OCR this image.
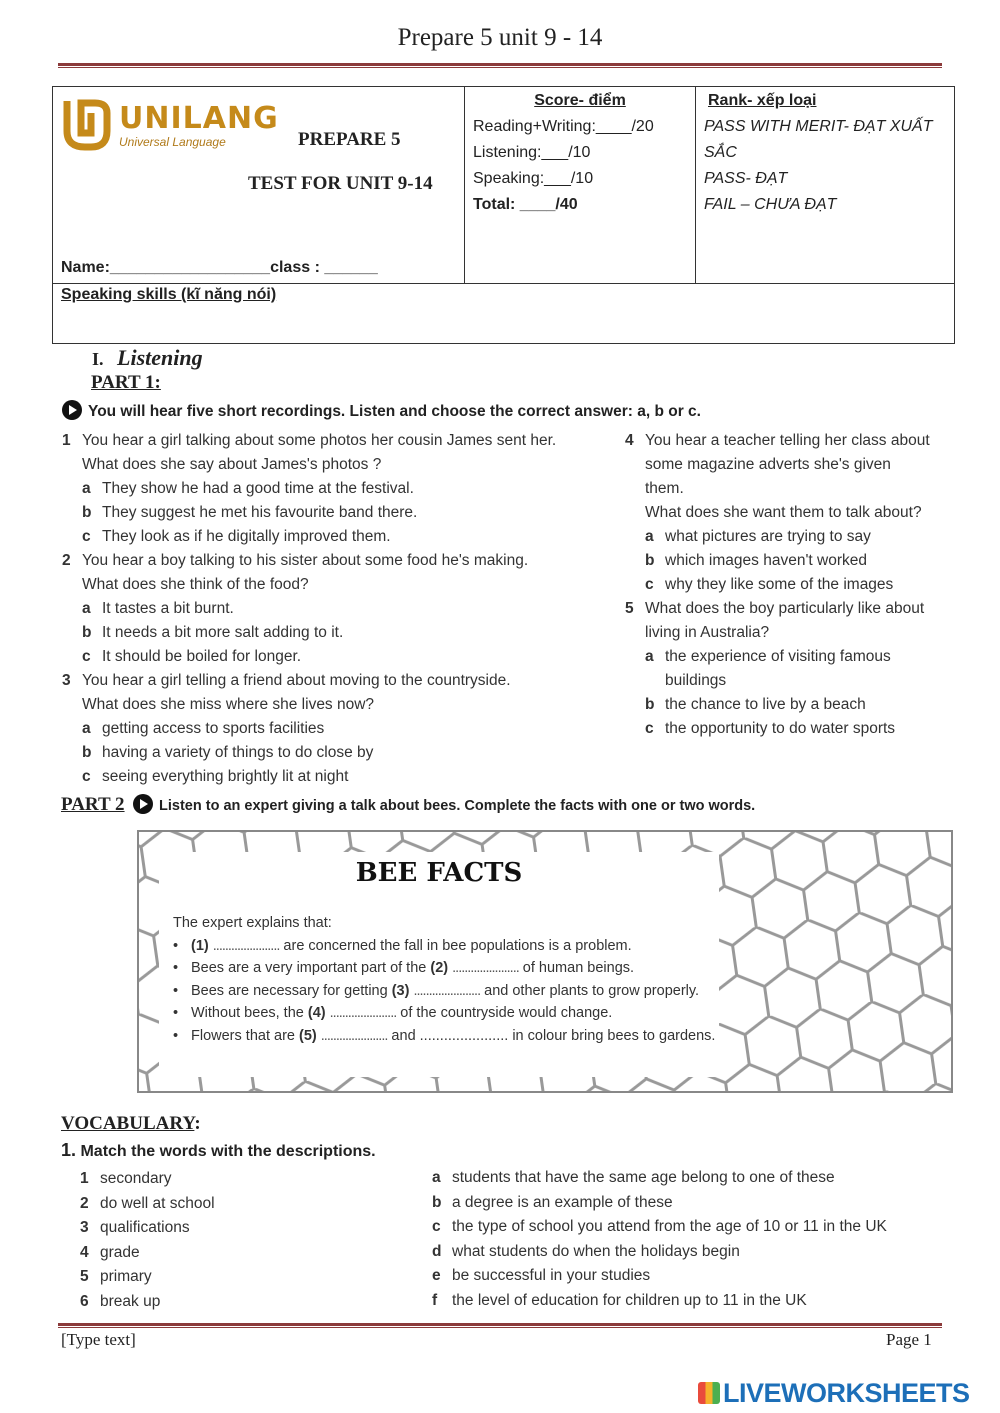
Prepare 5 unit 9 - 14
UNILANG
Universal Language	PREPARE 5
TEST FOR UNIT 9-14
Name:__________________class : ______

Score- điểm

Reading+Writing:____/20

Listening:___/10

Speaking:___/10

Total: ____/40

Rank- xếp loại

PASS WITH MERIT- ĐẠT XUẤT

SẮC

PASS- ĐẠT

FAIL – CHƯA ĐẠT

Speaking skills (kĩ năng nói)
I. Listening
PART 1:
You will hear five short recordings. Listen and choose the correct answer: a, b or c.
1 You hear a girl talking about some photos her cousin James sent her.
What does she say about James's photos ?
a They show he had a good time at the festival.
b They suggest he met his favourite band there.
c They look as if he digitally improved them.
2 You hear a boy talking to his sister about some food he's making.
What does she think of the food?
a It tastes a bit burnt.
b It needs a bit more salt adding to it.
c It should be boiled for longer.
3 You hear a girl telling a friend about moving to the countryside.
What does she miss where she lives now?
a getting access to sports facilities
b having a variety of things to do close by
c seeing everything brightly lit at night
4 You hear a teacher telling her class about
some magazine adverts she's given
them.
What does she want them to talk about?
a what pictures are trying to say
b which images haven't worked
c why they like some of the images
5 What does the boy particularly like about
living in Australia?
a the experience of visiting famous
buildings
b the chance to live by a beach
c the opportunity to do water sports
PART 2 Listen to an expert giving a talk about bees. Complete the facts with one or two words.
BEE FACTS
The expert explains that:
• (1) ...................... are concerned the fall in bee populations is a problem.
• Bees are a very important part of the (2) ...................... of human beings.
• Bees are necessary for getting (3) ...................... and other plants to grow properly.
• Without bees, the (4) ...................... of the countryside would change.
• Flowers that are (5) ...................... and ...................... in colour bring bees to gardens.
VOCABULARY:
1. Match the words with the descriptions.
1 secondary
2 do well at school
3 qualifications
4 grade
5 primary
6 break up
a students that have the same age belong to one of these
b a degree is an example of these
c the type of school you attend from the age of 10 or 11 in the UK
d what students do when the holidays begin
e be successful in your studies
f the level of education for children up to 11 in the UK
[Type text]	Page 1
LIVEWORKSHEETS
